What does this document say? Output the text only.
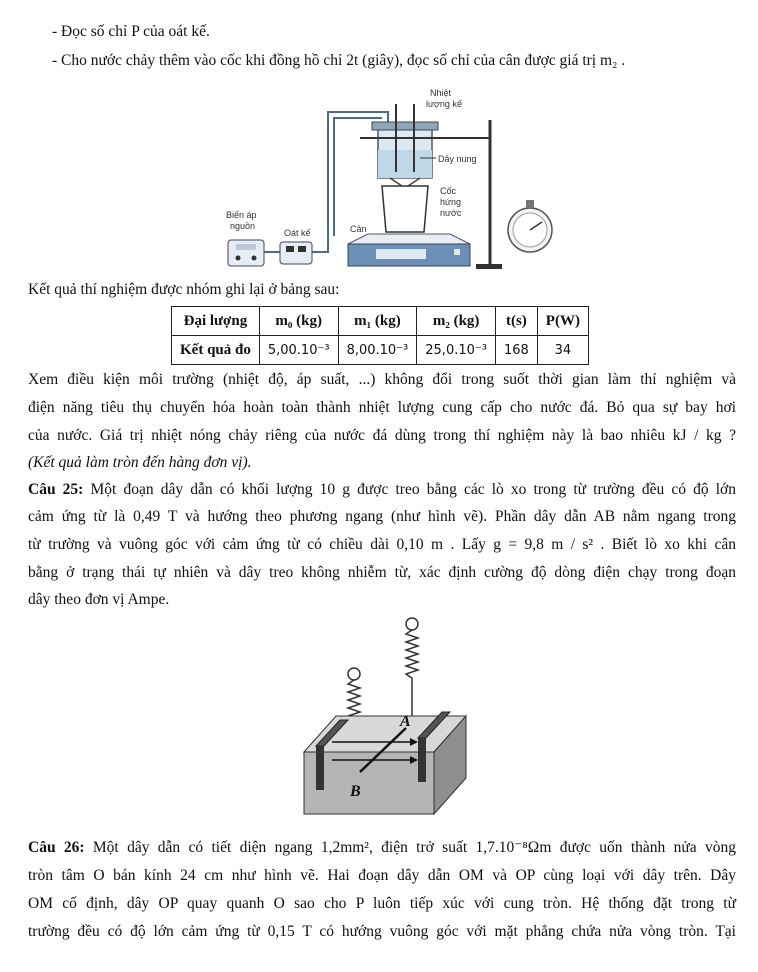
- Đọc số chỉ P của oát kế.
- Cho nước chảy thêm vào cốc khi đồng hồ chỉ 2t (giây), đọc số chỉ của cân được giá trị m₂ .
Nhiệt
lượng kế
Dây nung
Cốc
hứng
nước
Cân
Biến áp
nguồn
Oát kế
Kết quả thí nghiệm được nhóm ghi lại ở bảng sau:
Đại lượng	m₀ (kg)	m₁ (kg)	m₂ (kg)	t(s)	P(W)
Kết quả đo	5,00.10⁻³	8,00.10⁻³	25,0.10⁻³	168	34
Xem điều kiện môi trường (nhiệt độ, áp suất, ...) không đổi trong suốt thời gian làm thí nghiệm và
điện năng tiêu thụ chuyển hóa hoàn toàn thành nhiệt lượng cung cấp cho nước đá. Bỏ qua sự bay hơi
của nước. Giá trị nhiệt nóng chảy riêng của nước đá dùng trong thí nghiệm này là bao nhiêu kJ / kg ?
(Kết quả làm tròn đến hàng đơn vị).
Câu 25: Một đoạn dây dẫn có khối lượng 10 g được treo bằng các lò xo trong từ trường đều có độ lớn
cảm ứng từ là 0,49 T và hướng theo phương ngang (như hình vẽ). Phần dây dẫn AB nằm ngang trong
từ trường và vuông góc với cảm ứng từ có chiều dài 0,10 m . Lấy g = 9,8 m / s² . Biết lò xo khi cân
bằng ở trạng thái tự nhiên và dây treo không nhiễm từ, xác định cường độ dòng điện chạy trong đoạn
dây theo đơn vị Ampe.
A
B
Câu 26: Một dây dẫn có tiết diện ngang 1,2mm², điện trở suất 1,7.10⁻⁸Ωm được uốn thành nửa vòng
tròn tâm O bán kính 24 cm như hình vẽ. Hai đoạn dây dẫn OM và OP cùng loại với dây trên. Dây
OM cố định, dây OP quay quanh O sao cho P luôn tiếp xúc với cung tròn. Hệ thống đặt trong từ
trường đều có độ lớn cảm ứng từ 0,15 T có hướng vuông góc với mặt phẳng chứa nửa vòng tròn. Tại
